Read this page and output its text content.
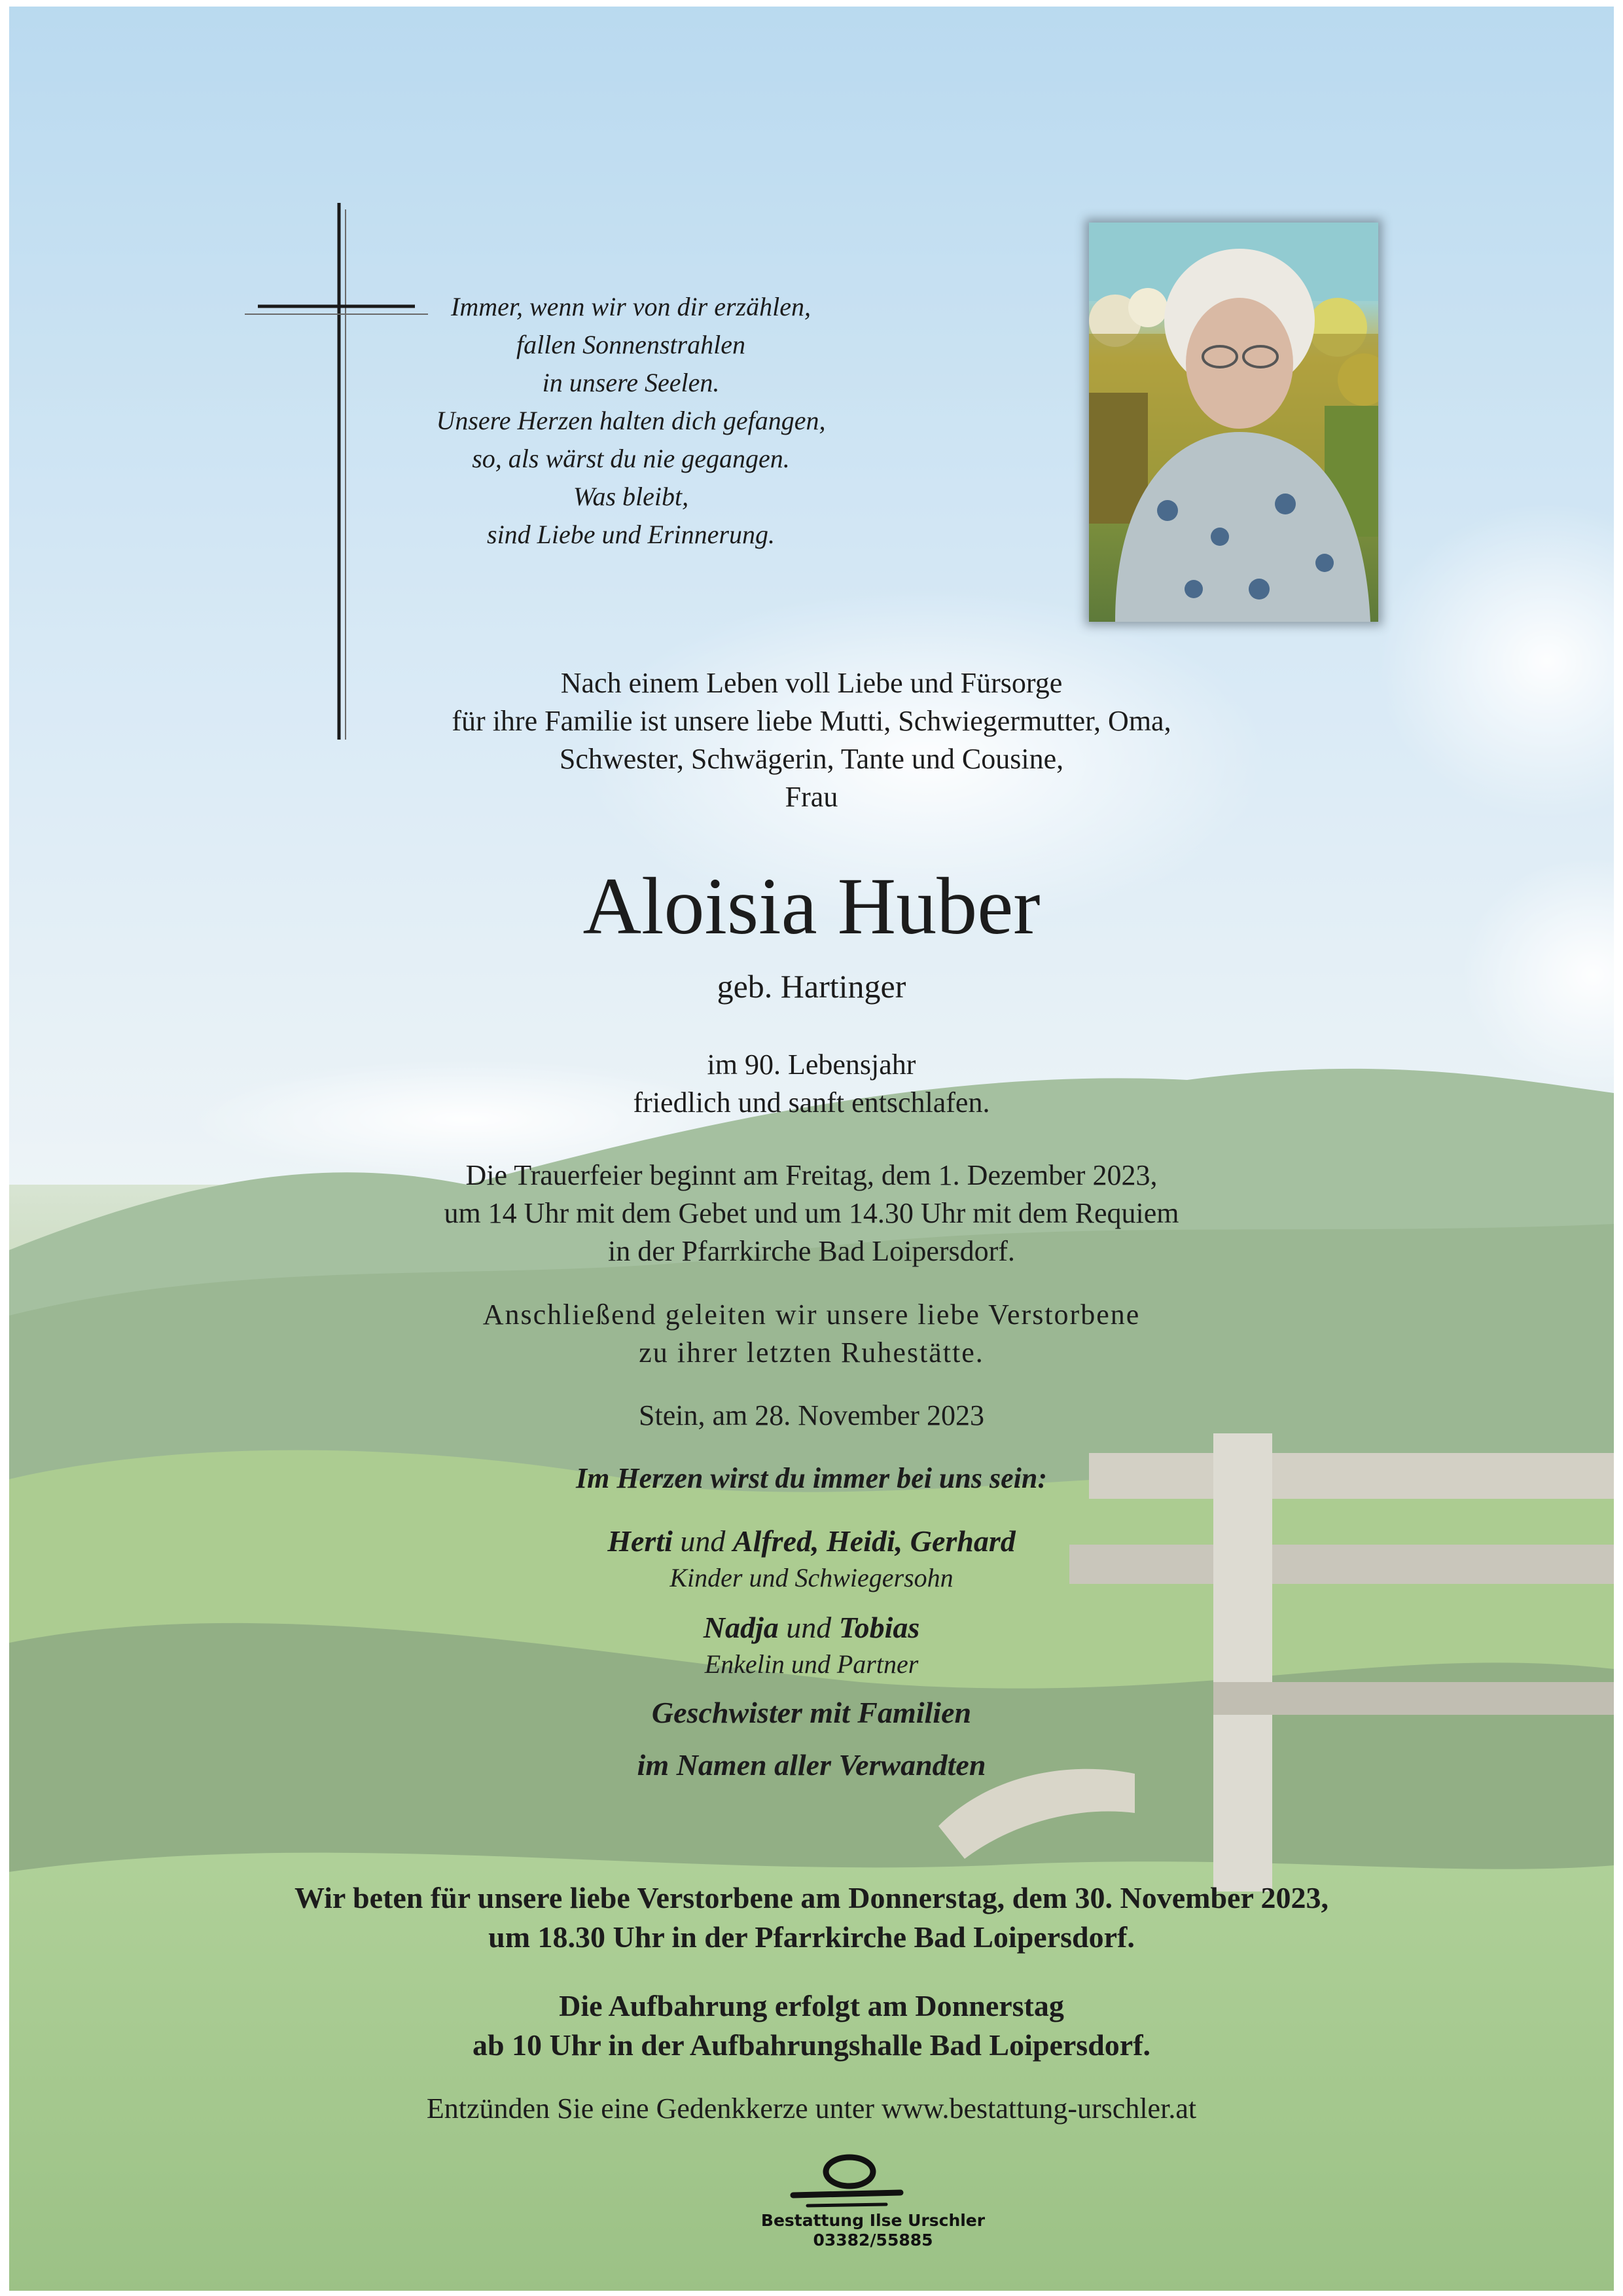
Immer, wenn wir von dir erzählen,
fallen Sonnenstrahlen
in unsere Seelen.
Unsere Herzen halten dich gefangen,
so, als wärst du nie gegangen.
Was bleibt,
sind Liebe und Erinnerung.
Nach einem Leben voll Liebe und Fürsorge
für ihre Familie ist unsere liebe Mutti, Schwiegermutter, Oma,
Schwester, Schwägerin, Tante und Cousine,
Frau
Aloisia Huber
geb. Hartinger
im 90. Lebensjahr
friedlich und sanft entschlafen.
Die Trauerfeier beginnt am Freitag, dem 1. Dezember 2023,
um 14 Uhr mit dem Gebet und um 14.30 Uhr mit dem Requiem
in der Pfarrkirche Bad Loipersdorf.
Anschließend geleiten wir unsere liebe Verstorbene
zu ihrer letzten Ruhestätte.
Stein, am 28. November 2023
Im Herzen wirst du immer bei uns sein:
Herti und Alfred, Heidi, Gerhard
Kinder und Schwiegersohn
Nadja und Tobias
Enkelin und Partner
Geschwister mit Familien
im Namen aller Verwandten
Wir beten für unsere liebe Verstorbene am Donnerstag, dem 30. November 2023,
um 18.30 Uhr in der Pfarrkirche Bad Loipersdorf.
Die Aufbahrung erfolgt am Donnerstag
ab 10 Uhr in der Aufbahrungshalle Bad Loipersdorf.
Entzünden Sie eine Gedenkkerze unter www.bestattung-urschler.at
Bestattung Ilse Urschler
03382/55885
